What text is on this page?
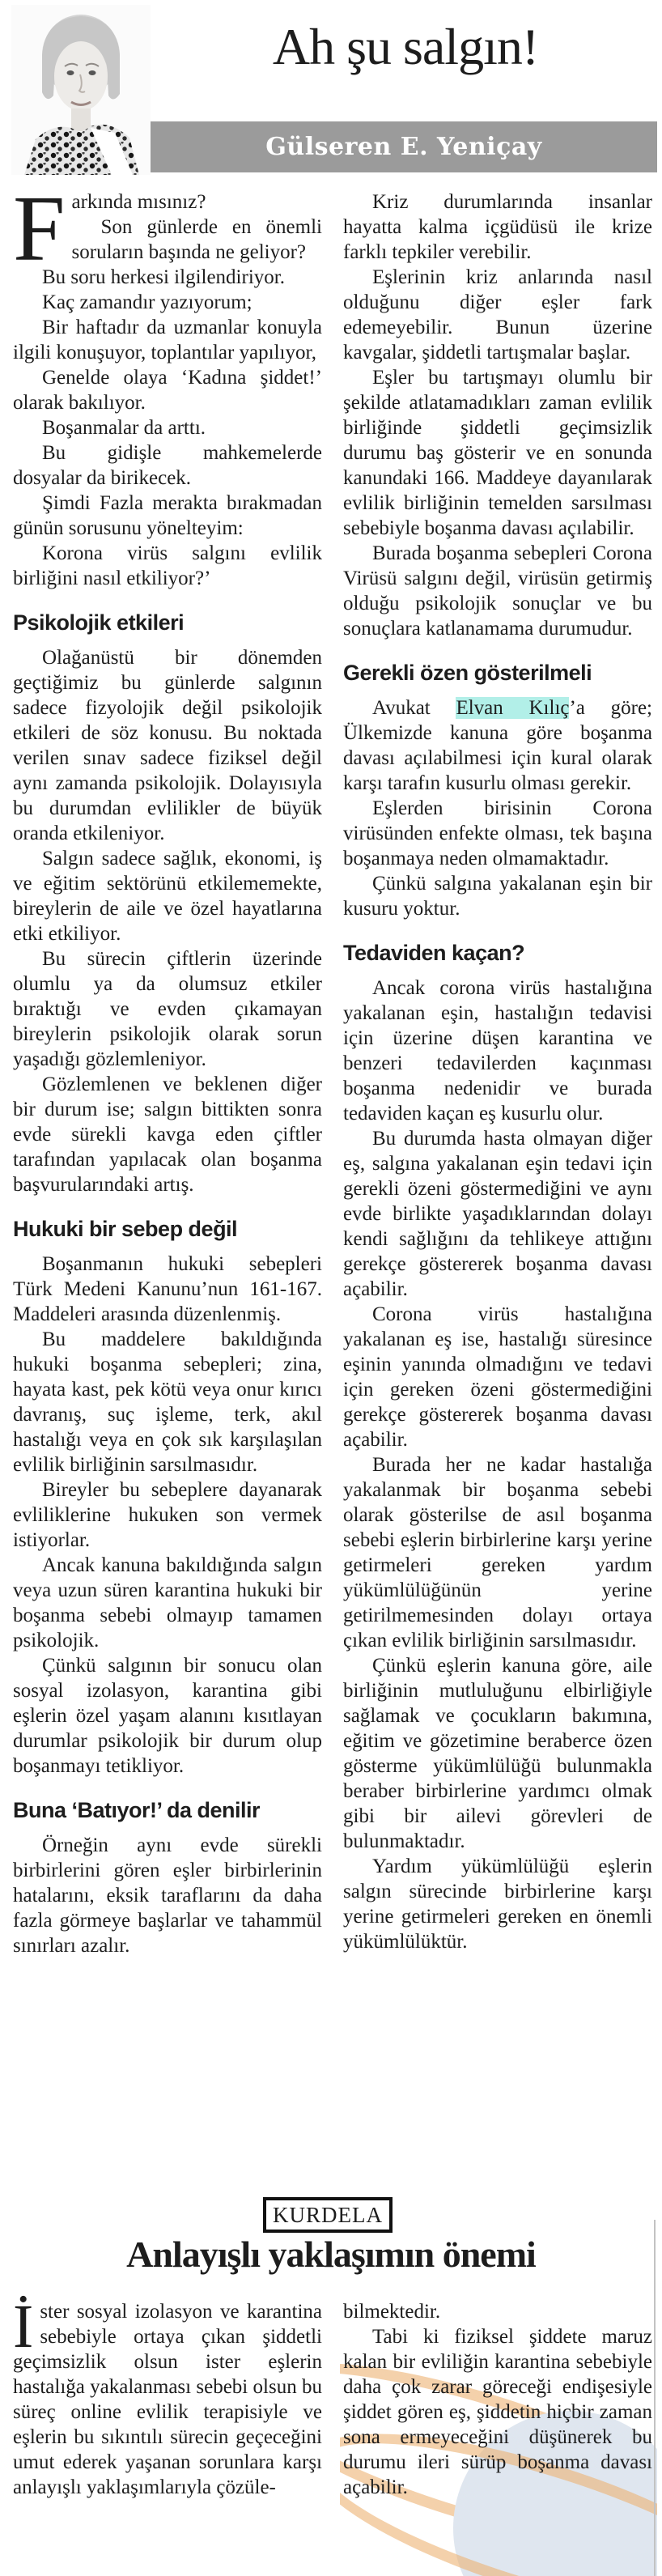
Ah şu salgın!
Gülseren E. Yeniçay

Farkında mısınız?

Son günlerde en önemli soruların başında ne geliyor?

Bu soru herkesi ilgilendiriyor.

Kaç zamandır yazıyorum;

Bir haftadır da uzmanlar konuyla ilgili konuşuyor, toplantılar yapılıyor,

Genelde olaya ‘Kadına şiddet!’ olarak bakılıyor.

Boşanmalar da arttı.

Bu gidişle mahkemelerde dosyalar da birikecek.

Şimdi Fazla merakta bırakmadan günün sorusunu yönelteyim:

Korona virüs salgını evlilik birliğini nasıl etkiliyor?’

Psikolojik etkileri

Olağanüstü bir dönemden geçtiğimiz bu günlerde salgının sadece fizyolojik değil psikolojik etkileri de söz konusu. Bu noktada verilen sınav sadece fiziksel değil aynı zamanda psikolojik. Dolayısıyla bu durumdan evlilikler de büyük oranda etkileniyor.

Salgın sadece sağlık, ekonomi, iş ve eğitim sektörünü etkilememekte, bireylerin de aile ve özel hayatlarına etki etkiliyor.

Bu sürecin çiftlerin üzerinde olumlu ya da olumsuz etkiler bıraktığı ve evden çıkamayan bireylerin psikolojik olarak sorun yaşadığı gözlemleniyor.

Gözlemlenen ve beklenen diğer bir durum ise; salgın bittikten sonra evde sürekli kavga eden çiftler tarafından yapılacak olan boşanma başvurularındaki artış.

Hukuki bir sebep değil

Boşanmanın hukuki sebepleri Türk Medeni Kanunu’nun 161-167. Maddeleri arasında düzenlenmiş.

Bu maddelere bakıldığında hukuki boşanma sebepleri; zina, hayata kast, pek kötü veya onur kırıcı davranış, suç işleme, terk, akıl hastalığı veya en çok sık karşılaşılan evlilik birliğinin sarsılmasıdır.

Bireyler bu sebeplere dayanarak evliliklerine hukuken son vermek istiyorlar.

Ancak kanuna bakıldığında salgın veya uzun süren karantina hukuki bir boşanma sebebi olmayıp tamamen psikolojik.

Çünkü salgının bir sonucu olan sosyal izolasyon, karantina gibi eşlerin özel yaşam alanını kısıtlayan durumlar psikolojik bir durum olup boşanmayı tetikliyor.

Buna ‘Batıyor!’ da denilir

Örneğin aynı evde sürekli birbirlerini gören eşler birbirlerinin hatalarını, eksik taraflarını da daha fazla görmeye başlarlar ve tahammül sınırları azalır.

Kriz durumlarında insanlar hayatta kalma içgüdüsü ile krize farklı tepkiler verebilir.

Eşlerinin kriz anlarında nasıl olduğunu diğer eşler fark edemeyebilir. Bunun üzerine kavgalar, şiddetli tartışmalar başlar.

Eşler bu tartışmayı olumlu bir şekilde atlatamadıkları zaman evlilik birliğinde şiddetli geçimsizlik durumu baş gösterir ve en sonunda kanundaki 166. Maddeye dayanılarak evlilik birliğinin temelden sarsılması sebebiyle boşanma davası açılabilir.

Burada boşanma sebepleri Corona Virüsü salgını değil, virüsün getirmiş olduğu psikolojik sonuçlar ve bu sonuçlara katlanamama durumudur.

Gerekli özen gösterilmeli

Avukat Elvan Kılıç’a göre; Ülkemizde kanuna göre boşanma davası açılabilmesi için kural olarak karşı tarafın kusurlu olması gerekir.

Eşlerden birisinin Corona virüsünden enfekte olması, tek başına boşanmaya neden olmamaktadır.

Çünkü salgına yakalanan eşin bir kusuru yoktur.

Tedaviden kaçan?

Ancak corona virüs hastalığına yakalanan eşin, hastalığın tedavisi için üzerine düşen karantina ve benzeri tedavilerden kaçınması boşanma nedenidir ve burada tedaviden kaçan eş kusurlu olur.

Bu durumda hasta olmayan diğer eş, salgına yakalanan eşin tedavi için gerekli özeni göstermediğini ve aynı evde birlikte yaşadıklarından dolayı kendi sağlığını da tehlikeye attığını gerekçe göstererek boşanma davası açabilir.

Corona virüs hastalığına yakalanan eş ise, hastalığı süresince eşinin yanında olmadığını ve tedavi için gereken özeni göstermediğini gerekçe göstererek boşanma davası açabilir.

Burada her ne kadar hastalığa yakalanmak bir boşanma sebebi olarak gösterilse de asıl boşanma sebebi eşlerin birbirlerine karşı yerine getirmeleri gereken yardım yükümlülüğünün yerine getirilmemesinden dolayı ortaya çıkan evlilik birliğinin sarsılmasıdır.

Çünkü eşlerin kanuna göre, aile birliğinin mutluluğunu elbirliğiyle sağlamak ve çocukların bakımına, eğitim ve gözetimine beraberce özen gösterme yükümlülüğü bulunmakla beraber birbirlerine yardımcı olmak gibi bir ailevi görevleri de bulunmaktadır.

Yardım yükümlülüğü eşlerin salgın sürecinde birbirlerine karşı yerine getirmeleri gereken en önemli yükümlülüktür.

KURDELA
Anlayışlı yaklaşımın önemi

İster sosyal izolasyon ve karantina sebebiyle ortaya çıkan şiddetli geçimsizlik olsun ister eşlerin hastalığa yakalanması sebebi olsun bu süreç online evlilik terapisiyle ve eşlerin bu sıkıntılı sürecin geçeceğini umut ederek yaşanan sorunlara karşı anlayışlı yaklaşımlarıyla çözüle-

bilmektedir.

Tabi ki fiziksel şiddete maruz kalan bir evliliğin karantina sebebiyle daha çok zarar göreceği endişesiyle şiddet gören eş, şiddetin hiçbir zaman sona ermeyeceğini düşünerek bu durumu ileri sürüp boşanma davası açabilir.
